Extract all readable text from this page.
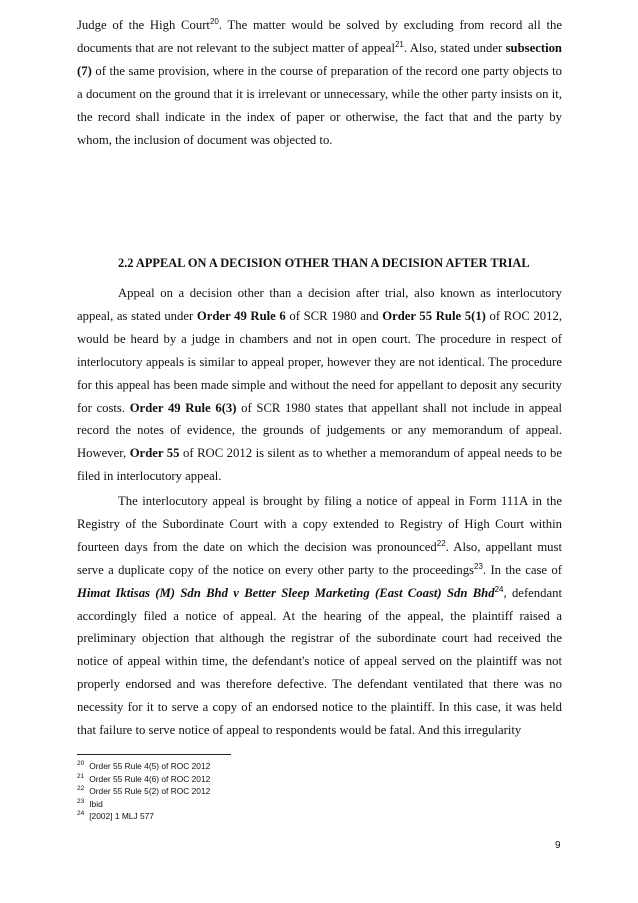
Judge of the High Court$^{20}$. The matter would be solved by excluding from record all the documents that are not relevant to the subject matter of appeal$^{21}$. Also, stated under subsection (7) of the same provision, where in the course of preparation of the record one party objects to a document on the ground that it is irrelevant or unnecessary, while the other party insists on it, the record shall indicate in the index of paper or otherwise, the fact that and the party by whom, the inclusion of document was objected to.

2.2 APPEAL ON A DECISION OTHER THAN A DECISION AFTER TRIAL

Appeal on a decision other than a decision after trial, also known as interlocutory appeal, as stated under Order 49 Rule 6 of SCR 1980 and Order 55 Rule 5(1) of ROC 2012, would be heard by a judge in chambers and not in open court. The procedure in respect of interlocutory appeals is similar to appeal proper, however they are not identical. The procedure for this appeal has been made simple and without the need for appellant to deposit any security for costs. Order 49 Rule 6(3) of SCR 1980 states that appellant shall not include in appeal record the notes of evidence, the grounds of judgements or any memorandum of appeal. However, Order 55 of ROC 2012 is silent as to whether a memorandum of appeal needs to be filed in interlocutory appeal.

The interlocutory appeal is brought by filing a notice of appeal in Form 111A in the Registry of the Subordinate Court with a copy extended to Registry of High Court within fourteen days from the date on which the decision was pronounced$^{22}$. Also, appellant must serve a duplicate copy of the notice on every other party to the proceedings$^{23}$. In the case of Himat Iktisas (M) Sdn Bhd v Better Sleep Marketing (East Coast) Sdn Bhd$^{24}$, defendant accordingly filed a notice of appeal. At the hearing of the appeal, the plaintiff raised a preliminary objection that although the registrar of the subordinate court had received the notice of appeal within time, the defendant's notice of appeal served on the plaintiff was not properly endorsed and was therefore defective. The defendant ventilated that there was no necessity for it to serve a copy of an endorsed notice to the plaintiff. In this case, it was held that failure to serve notice of appeal to respondents would be fatal. And this irregularity

$^{20}$ Order 55 Rule 4(5) of ROC 2012
$^{21}$ Order 55 Rule 4(6) of ROC 2012
$^{22}$ Order 55 Rule 5(2) of ROC 2012
$^{23}$ Ibid
$^{24}$ [2002] 1 MLJ 577
9
